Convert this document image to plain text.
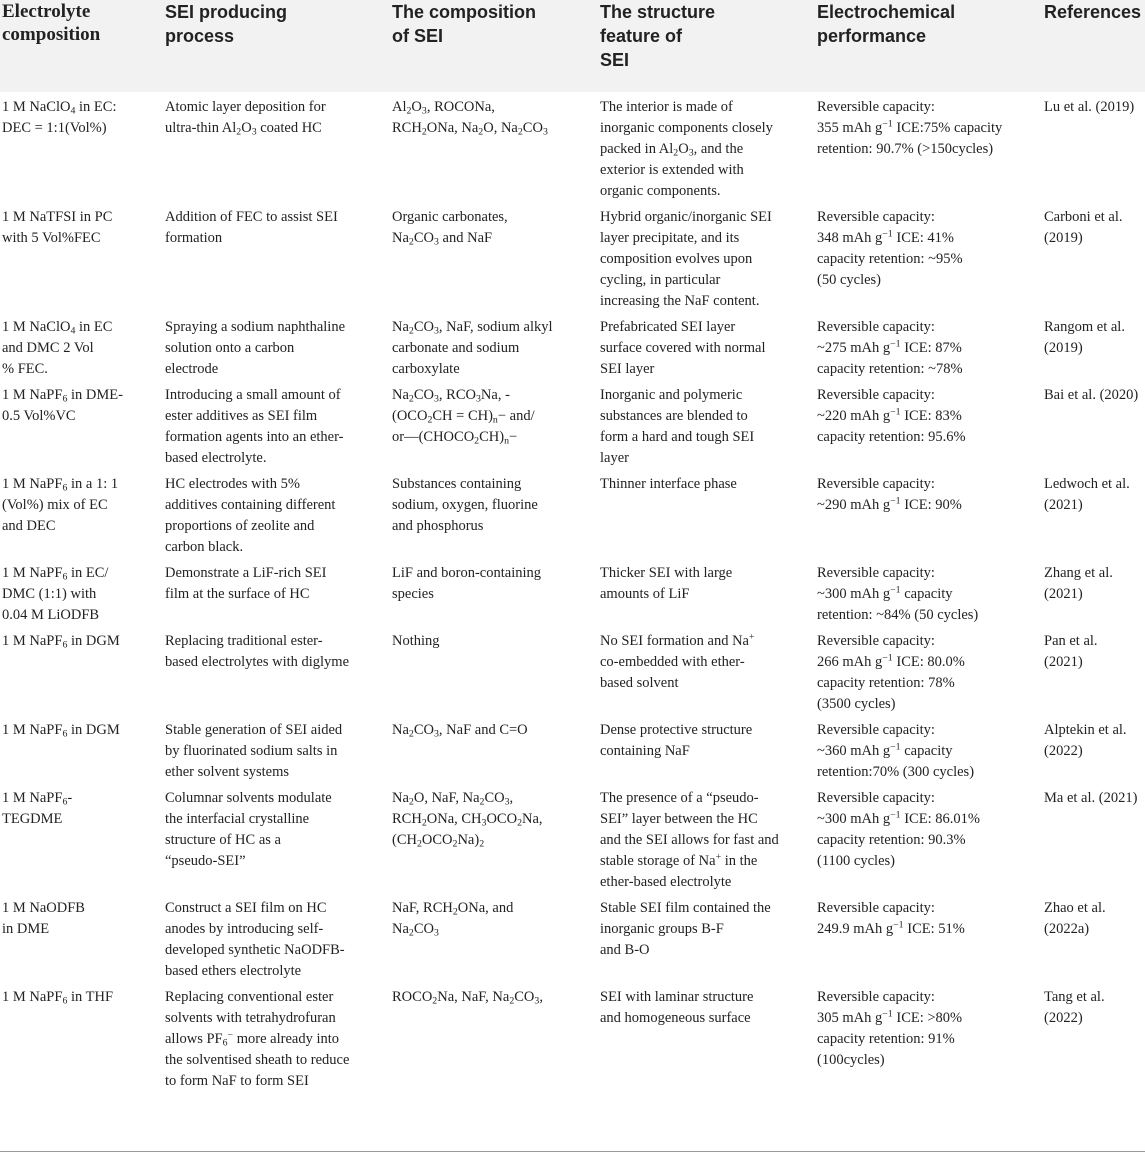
Electrolyte
composition	SEI producing
process	The composition
of SEI	The structure
feature of
SEI	Electrochemical
performance	References

1 M NaClO$_4$ in EC:
DEC = 1:1(Vol%)	Atomic layer deposition for
ultra-thin $Al_2O_3$ coated HC	$Al_2O_3$, ROCONa,
$RCH_2ONa$, $Na_2O$, $Na_2CO_3$	The interior is made of
inorganic components closely
packed in $Al_2O_3$, and the
exterior is extended with
organic components.	Reversible capacity:
355 mAh $g^{-1}$ ICE:75% capacity
retention: 90.7% (>150cycles)	Lu et al. (2019)

1 M NaTFSI in PC
with 5 Vol%FEC	Addition of FEC to assist SEI
formation	Organic carbonates,
$Na_2CO_3$ and NaF	Hybrid organic/inorganic SEI
layer precipitate, and its
composition evolves upon
cycling, in particular
increasing the NaF content.	Reversible capacity:
348 mAh $g^{-1}$ ICE: 41%
capacity retention: ~95%
(50 cycles)	Carboni et al.
(2019)

1 M NaClO$_4$ in EC
and DMC 2 Vol
% FEC.	Spraying a sodium naphthaline
solution onto a carbon
electrode	$Na_2CO_3$, NaF, sodium alkyl
carbonate and sodium
carboxylate	Prefabricated SEI layer
surface covered with normal
SEI layer	Reversible capacity:
~275 mAh $g^{-1}$ ICE: 87%
capacity retention: ~78%	Rangom et al.
(2019)

1 M NaPF$_6$ in DME-
0.5 Vol%VC	Introducing a small amount of
ester additives as SEI film
formation agents into an ether-
based electrolyte.	$Na_2CO_3$, $RCO_3Na$, -
$(OCO_2CH = CH)_n- and/$
$or—(CHOCO_2CH)_n-$	Inorganic and polymeric
substances are blended to
form a hard and tough SEI
layer	Reversible capacity:
~220 mAh $g^{-1}$ ICE: 83%
capacity retention: 95.6%	Bai et al. (2020)

1 M NaPF$_6$ in a 1: 1
(Vol%) mix of EC
and DEC	HC electrodes with 5%
additives containing different
proportions of zeolite and
carbon black.	Substances containing
sodium, oxygen, fluorine
and phosphorus	Thinner interface phase	Reversible capacity:
~290 mAh $g^{-1}$ ICE: 90%	Ledwoch et al.
(2021)

1 M NaPF$_6$ in EC/
DMC (1:1) with
0.04 M LiODFB	Demonstrate a LiF-rich SEI
film at the surface of HC	LiF and boron-containing
species	Thicker SEI with large
amounts of LiF	Reversible capacity:
~300 mAh $g^{-1}$ capacity
retention: ~84% (50 cycles)	Zhang et al.
(2021)

1 M NaPF$_6$ in DGM	Replacing traditional ester-
based electrolytes with diglyme	Nothing	No SEI formation and Na+
co-embedded with ether-
based solvent	Reversible capacity:
266 mAh $g^{-1}$ ICE: 80.0%
capacity retention: 78%
(3500 cycles)	Pan et al.
(2021)

1 M NaPF$_6$ in DGM	Stable generation of SEI aided
by fluorinated sodium salts in
ether solvent systems	$Na_2CO_3$, NaF and C=O	Dense protective structure
containing NaF	Reversible capacity:
~360 mAh $g^{-1}$ capacity
retention:70% (300 cycles)	Alptekin et al.
(2022)

1 M NaPF$_6$-
TEGDME	Columnar solvents modulate
the interfacial crystalline
structure of HC as a
“pseudo-SEI”	$Na_2O$, NaF, $Na_2CO_3$,
$RCH_2ONa$, $CH_3OCO_2Na$,
$(CH_2OCO_2Na)_2$	The presence of a “pseudo-
SEI” layer between the HC
and the SEI allows for fast and
stable storage of Na+ in the
ether-based electrolyte	Reversible capacity:
~300 mAh $g^{-1}$ ICE: 86.01%
capacity retention: 90.3%
(1100 cycles)	Ma et al. (2021)

1 M NaODFB
in DME	Construct a SEI film on HC
anodes by introducing self-
developed synthetic NaODFB-
based ethers electrolyte	NaF, $RCH_2ONa$, and
$Na_2CO_3$	Stable SEI film contained the
inorganic groups B-F
and B-O	Reversible capacity:
249.9 mAh $g^{-1}$ ICE: 51%	Zhao et al.
(2022a)

1 M NaPF$_6$ in THF	Replacing conventional ester
solvents with tetrahydrofuran
allows $PF_6^-$ more already into
the solventised sheath to reduce
to form NaF to form SEI	$ROCO_2Na$, NaF, $Na_2CO_3$,	SEI with laminar structure
and homogeneous surface	Reversible capacity:
305 mAh $g^{-1}$ ICE: >80%
capacity retention: 91%
(100cycles)	Tang et al.
(2022)
